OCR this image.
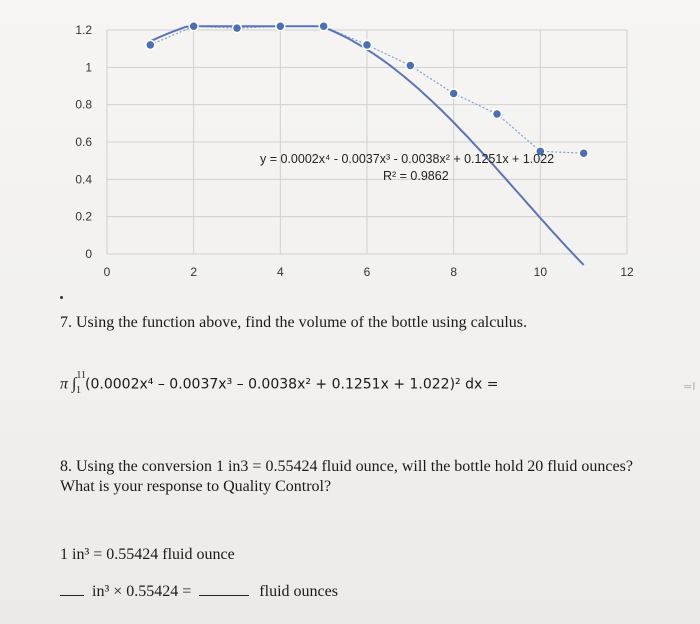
0
0.2
0.4
0.6
0.8
1
1.2
0	2	4	6	8	10	12
y = 0.0002x⁴ - 0.0037x³ - 0.0038x² + 0.1251x + 1.022
R² = 0.9862
7. Using the function above, find the volume of the bottle using calculus.
π ∫$^{11}_1$ (0.0002x⁴ – 0.0037x³ – 0.0038x² + 0.1251x + 1.022)² dx =	=I
8. Using the conversion 1 in3 = 0.55424 fluid ounce, will the bottle hold 20 fluid ounces?
What is your response to Quality Control?
1 in³ = 0.55424 fluid ounce
in³ × 0.55424 =	fluid ounces
